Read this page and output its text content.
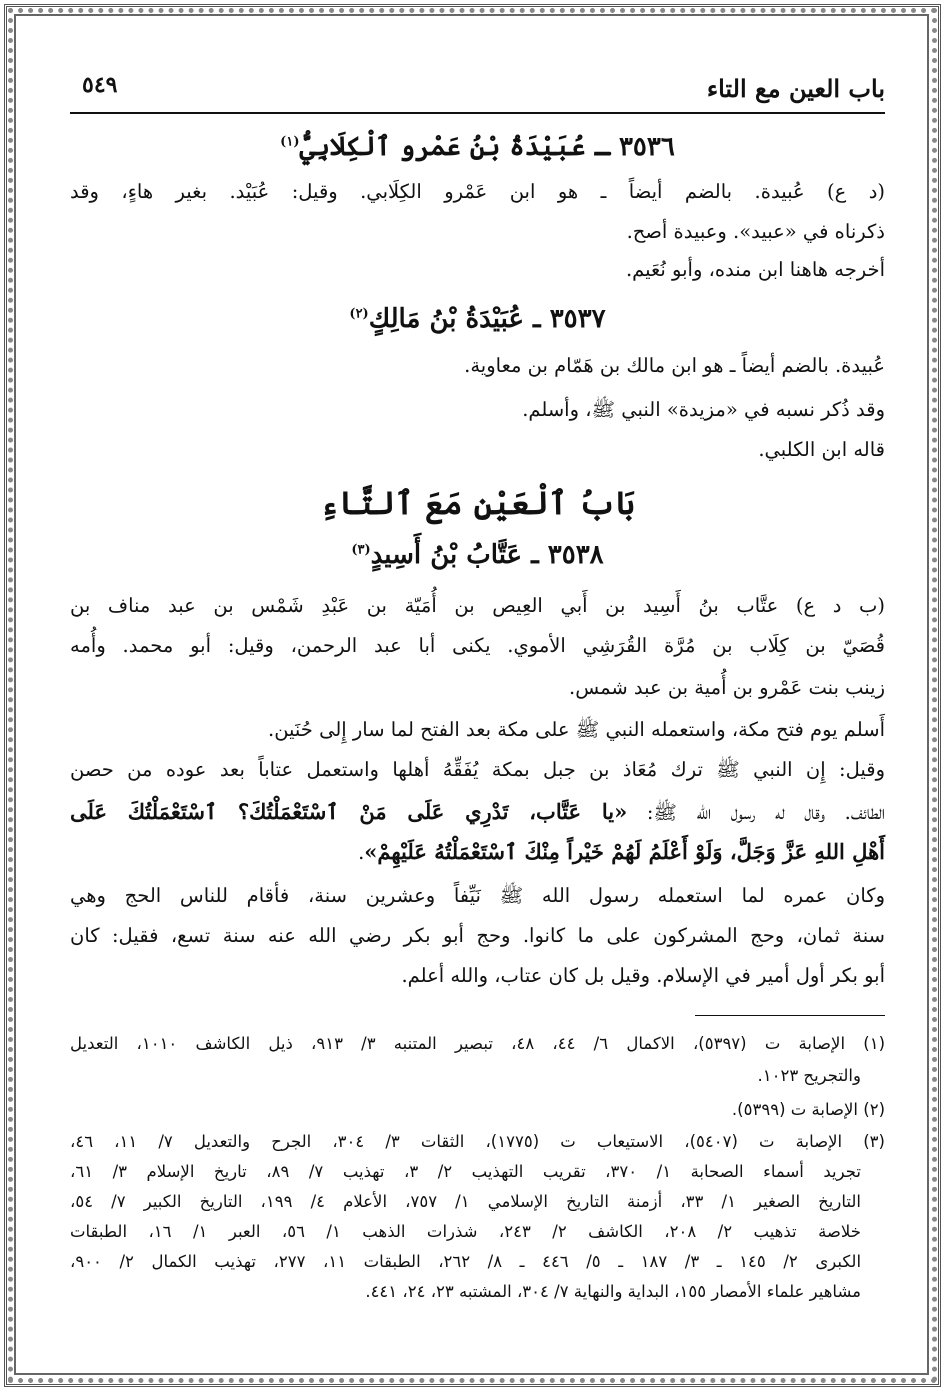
باب العين مع التاء
٥٤٩
٣٥٣٦ ـ عُبَيْدَةُ بْنُ عَمْرو ٱلْكِلَابِيُّ$^{(١)}$
(د ع) عُبيدة. بالضم أيضاً ـ هو ابن عَمْرو الكِلَابي. وقيل: عُبَيْد. بغير هاءٍ، وقد
ذكرناه في «عبيد». وعبيدة أصح.
أخرجه هاهنا ابن منده، وأبو نُعَيم.
٣٥٣٧ ـ عُبَيْدَةُ بْنُ مَالِكٍ$^{(٢)}$
عُبيدة. بالضم أيضاً ـ هو ابن مالك بن هَمّام بن معاوية.
وقد ذُكر نسبه في «مزيدة» النبي ﷺ، وأسلم.
قاله ابن الكلبي.
بَابُ ٱلْعَيْنِ مَعَ ٱلتَّاءِ
٣٥٣٨ ـ عَتَّابُ بْنُ أَسِيدٍ$^{(٣)}$
(ب د ع) عتَّاب بنُ أَسِيد بن أَبي العِيص بن أُمَيّة بن عَبْدِ شَمْس بن عبد مناف بن
قُصَيّ بن كِلَاب بن مُرَّة القُرَشِي الأموي. يكنى أبا عبد الرحمن، وقيل: أبو محمد. وأُمه
زينب بنت عَمْرو بن أُمية بن عبد شمس.
أَسلم يوم فتح مكة، واستعمله النبي ﷺ على مكة بعد الفتح لما سار إِلى حُنَين.
وقيل: إِن النبي ﷺ ترك مُعَاذ بن جبل بمكة يُفَقِّهُ أهلها واستعمل عتاباً بعد عوده من حصن
الطائف. وقال له رسول الله ﷺ: «يا عَتَّاب، تَدْرِي عَلَى مَنْ ٱسْتَعْمَلْتُكَ؟ ٱسْتَعْمَلْتُكَ عَلَى
أَهْلِ اللهِ عَزَّ وَجَلَّ، وَلَوْ أَعْلَمُ لَهُمْ خَيْراً مِنْكَ ٱسْتَعْمَلْتُهُ عَلَيْهِمْ».
وكان عمره لما استعمله رسول الله ﷺ نَيِّفاً وعشرين سنة، فأقام للناس الحج وهي
سنة ثمان، وحج المشركون على ما كانوا. وحج أبو بكر رضي الله عنه سنة تسع، فقيل: كان
أبو بكر أول أمير في الإسلام. وقيل بل كان عتاب، والله أعلم.
(١) الإصابة ت (٥٣٩٧)، الاكمال ٦/ ٤٤، ٤٨، تبصير المتنبه ٣/ ٩١٣، ذيل الكاشف ١٠١٠، التعديل
والتجريح ١٠٢٣.
(٢) الإصابة ت (٥٣٩٩).
(٣) الإصابة ت (٥٤٠٧)، الاستيعاب ت (١٧٧٥)، الثقات ٣/ ٣٠٤، الجرح والتعديل ٧/ ١١، ٤٦،
تجريد أسماء الصحابة ١/ ٣٧٠، تقريب التهذيب ٢/ ٣، تهذيب ٧/ ٨٩، تاريخ الإسلام ٣/ ٦١،
التاريخ الصغير ١/ ٣٣، أزمنة التاريخ الإسلامي ١/ ٧٥٧، الأعلام ٤/ ١٩٩، التاريخ الكبير ٧/ ٥٤،
خلاصة تذهيب ٢/ ٢٠٨، الكاشف ٢/ ٢٤٣، شذرات الذهب ١/ ٥٦، العبر ١/ ١٦، الطبقات
الكبرى ٢/ ١٤٥ ـ ٣/ ١٨٧ ـ ٥/ ٤٤٦ ـ ٨/ ٢٦٢، الطبقات ١١، ٢٧٧، تهذيب الكمال ٢/ ٩٠٠،
مشاهير علماء الأمصار ١٥٥، البداية والنهاية ٧/ ٣٠٤، المشتبه ٢٣، ٢٤، ٤٤١.
